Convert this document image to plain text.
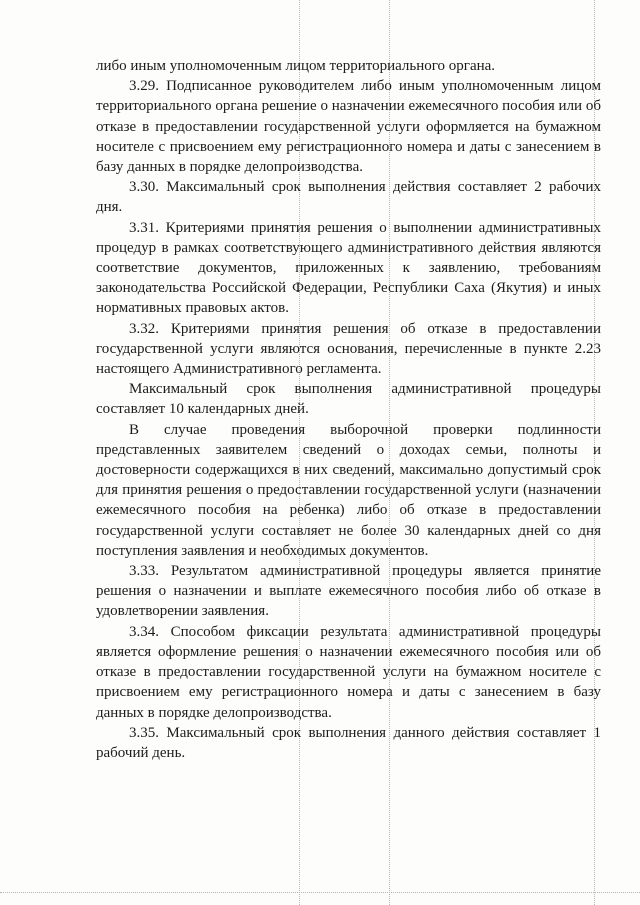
либо иным уполномоченным лицом территориального органа.

3.29. Подписанное руководителем либо иным уполномоченным лицом территориального органа решение о назначении ежемесячного пособия или об отказе в предоставлении государственной услуги оформляется на бумажном носителе с присвоением ему регистрационного номера и даты с занесением в базу данных в порядке делопроизводства.

3.30. Максимальный срок выполнения действия составляет 2 рабочих дня.

3.31. Критериями принятия решения о выполнении административных процедур в рамках соответствующего административного действия являются соответствие документов, приложенных к заявлению, требованиям законодательства Российской Федерации, Республики Саха (Якутия) и иных нормативных правовых актов.

3.32. Критериями принятия решения об отказе в предоставлении государственной услуги являются основания, перечисленные в пункте 2.23 настоящего Административного регламента.

Максимальный срок выполнения административной процедуры составляет 10 календарных дней.

В случае проведения выборочной проверки подлинности представленных заявителем сведений о доходах семьи, полноты и достоверности содержащихся в них сведений, максимально допустимый срок для принятия решения о предоставлении государственной услуги (назначении ежемесячного пособия на ребенка) либо об отказе в предоставлении государственной услуги составляет не более 30 календарных дней со дня поступления заявления и необходимых документов.

3.33. Результатом административной процедуры является принятие решения о назначении и выплате ежемесячного пособия либо об отказе в удовлетворении заявления.

3.34. Способом фиксации результата административной процедуры является оформление решения о назначении ежемесячного пособия или об отказе в предоставлении государственной услуги на бумажном носителе с присвоением ему регистрационного номера и даты с занесением в базу данных в порядке делопроизводства.

3.35. Максимальный срок выполнения данного действия составляет 1 рабочий день.
